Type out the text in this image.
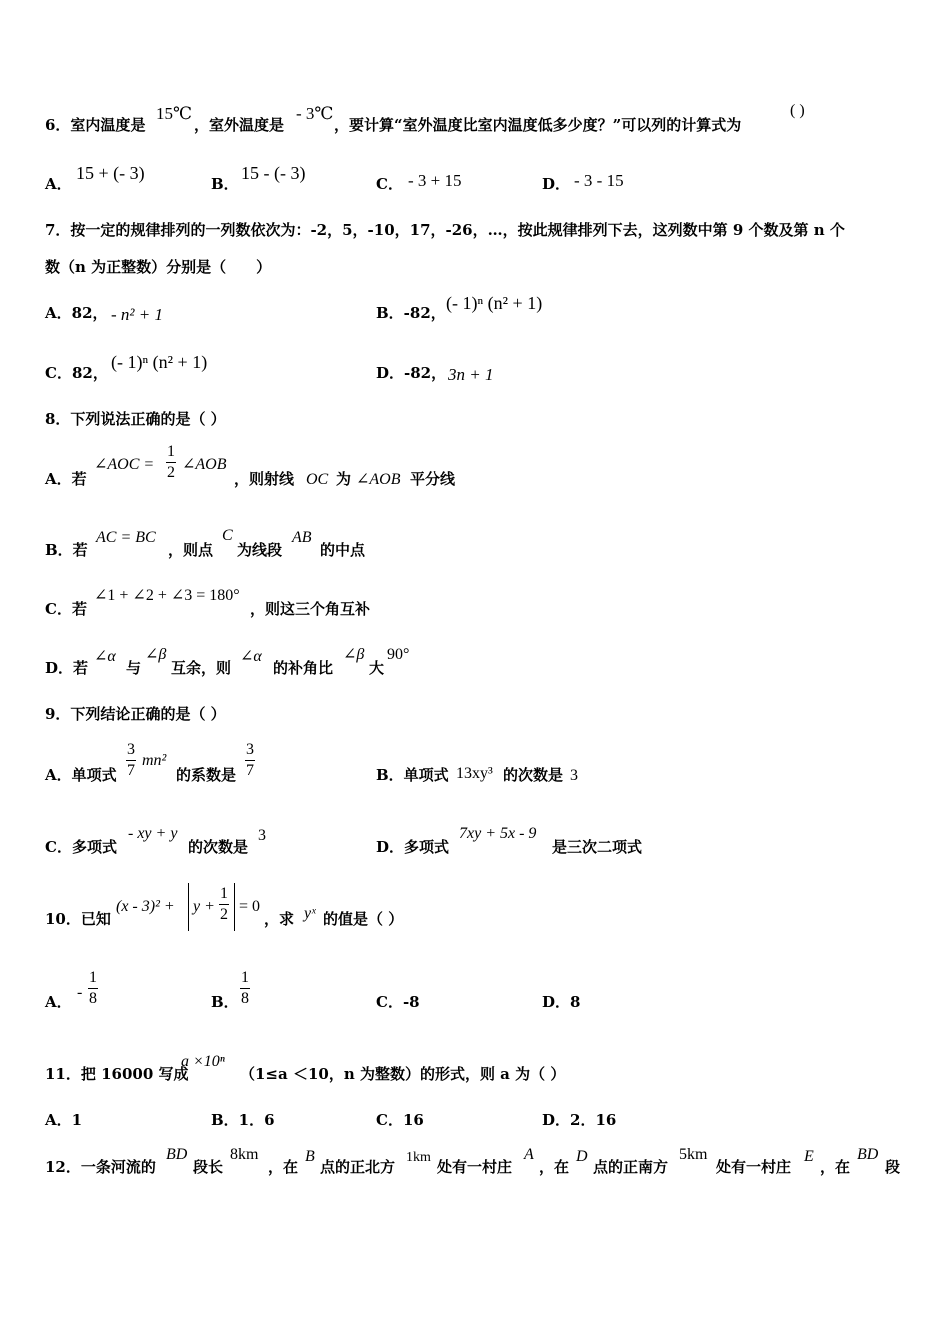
6．室内温度是
15℃
，室外温度是
- 3℃
，要计算“室外温度比室内温度低多少度？”可以列的计算式为
( )
A．
15 + (- 3)
B．
15 - (- 3)
C． - 3 + 15	D． - 3 - 15
7．按一定的规律排列的一列数依次为：-2，5，-10，17，-26，…，按此规律排列下去，这列数中第 9 个数及第 n 个
数（n 为正整数）分别是（　　）
A．82， - n² + 1	B．-82， (- 1)ⁿ (n² + 1)
C．82，
(- 1)ⁿ (n² + 1)
D．-82， 3n + 1
8．下列说法正确的是（ ）
A．若
∠AOC =
1
2 ∠AOB
，则射线 OC 为 ∠AOB 平分线
B．若
AC = BC
，则点
C
为线段
AB
的中点
C．若
∠1 + ∠2 + ∠3 = 180°
，则这三个角互补
D．若
∠α
与
∠β
互余，则
∠α
的补角比
∠β
大
90°
9．下列结论正确的是（ ）
A．单项式
3
7
mn²
的系数是
3
7	B．单项式 13xy³ 的次数是 3
C．多项式
- xy + y
的次数是
3
D．多项式
7xy + 5x - 9
是三次二项式
10．已知
(x - 3)² + y +
1
2 = 0
，求 yˣ 的值是（ ）
A．
-
1
8	B．
1
8	C．-8	D．8
11．把 16000 写成
a ×10ⁿ
（1≤a ＜10，n 为整数）的形式，则 a 为（ ）
A．1	B．1．6	C．16	D．2．16
12．一条河流的
BD
段长
8km
，在
B
点的正北方
1km
处有一村庄
A
，在
D
点的正南方
5km
处有一村庄
E
，在
BD
段
